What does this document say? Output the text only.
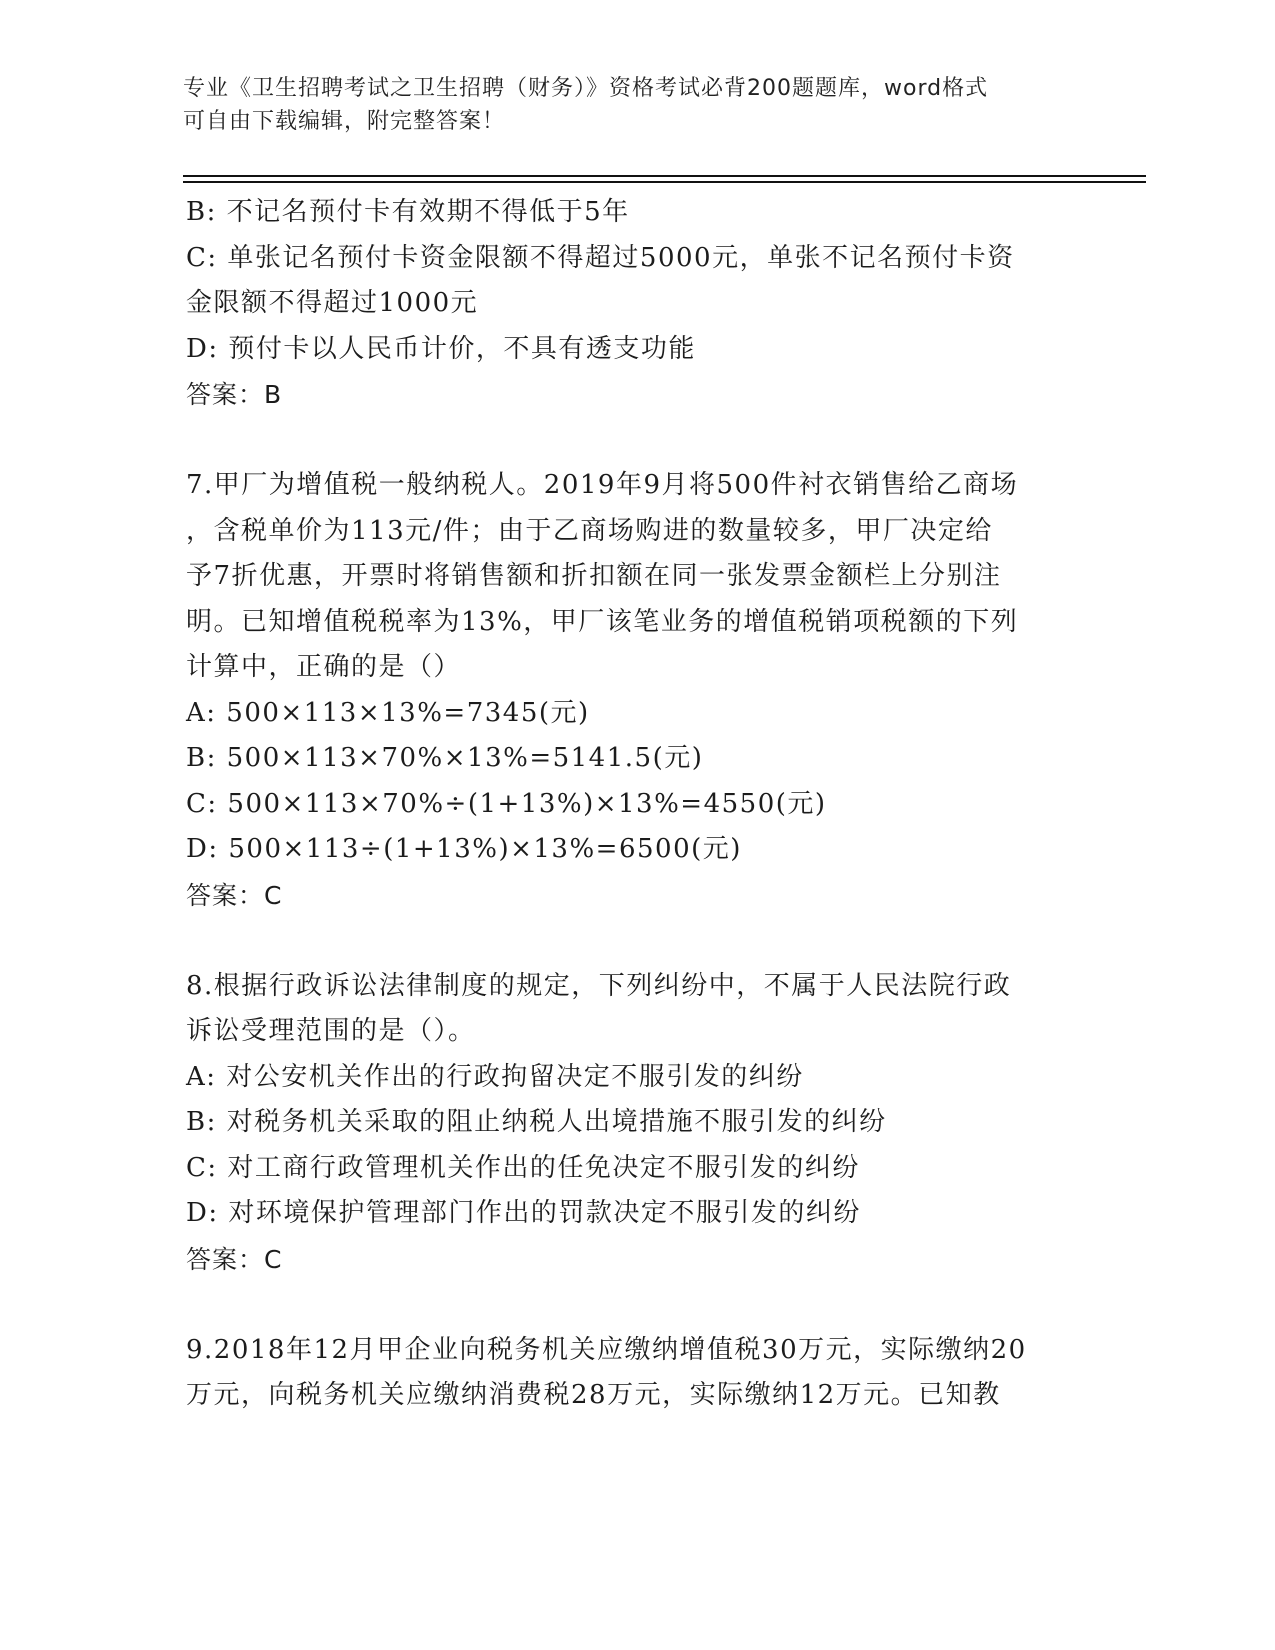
专业《卫生招聘考试之卫生招聘（财务）》资格考试必背200题题库，word格式
可自由下载编辑，附完整答案！
B: 不记名预付卡有效期不得低于5年
C: 单张记名预付卡资金限额不得超过5000元，单张不记名预付卡资
金限额不得超过1000元
D: 预付卡以人民币计价，不具有透支功能
答案：B
7.甲厂为增值税一般纳税人。2019年9月将500件衬衣销售给乙商场
，含税单价为113元/件；由于乙商场购进的数量较多，甲厂决定给
予7折优惠，开票时将销售额和折扣额在同一张发票金额栏上分别注
明。已知增值税税率为13%，甲厂该笔业务的增值税销项税额的下列
计算中，正确的是（）
A: 500×113×13%=7345(元)
B: 500×113×70%×13%=5141.5(元)
C: 500×113×70%÷(1+13%)×13%=4550(元)
D: 500×113÷(1+13%)×13%=6500(元)
答案：C
8.根据行政诉讼法律制度的规定，下列纠纷中，不属于人民法院行政
诉讼受理范围的是（）。
A: 对公安机关作出的行政拘留决定不服引发的纠纷
B: 对税务机关采取的阻止纳税人出境措施不服引发的纠纷
C: 对工商行政管理机关作出的任免决定不服引发的纠纷
D: 对环境保护管理部门作出的罚款决定不服引发的纠纷
答案：C
9.2018年12月甲企业向税务机关应缴纳增值税30万元，实际缴纳20
万元，向税务机关应缴纳消费税28万元，实际缴纳12万元。已知教
